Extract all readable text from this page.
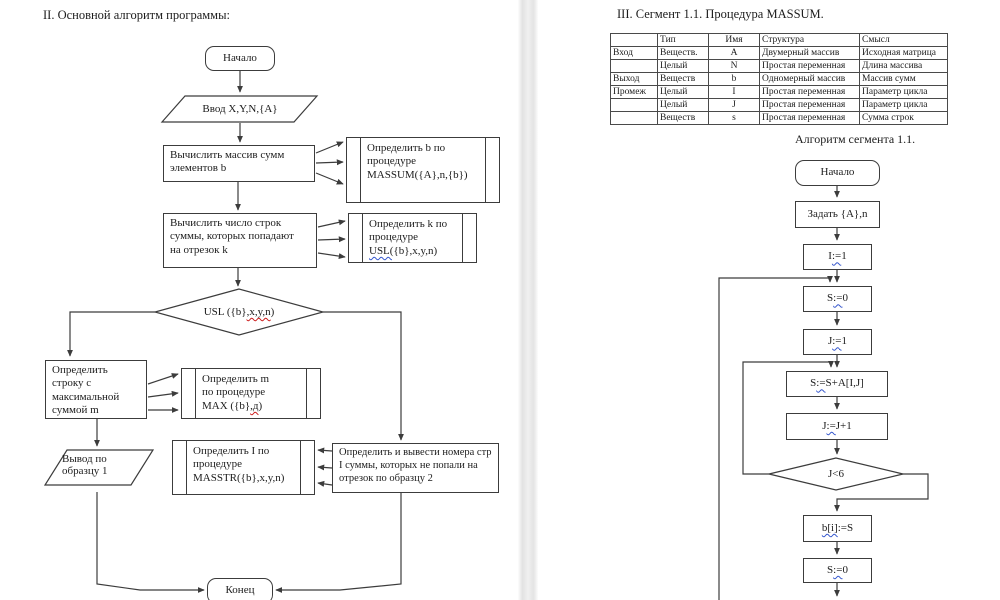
II. Основной алгоритм программы:
Начало
Ввод X,Y,N,{A}
Вычислить массив сумм
элементов b
Определить b по
процедуре
MASSUM({A},n,{b})
Вычислить число строк
суммы, которых попадают
на отрезок k
Определить k по
процедуре
USL({b},x,y,n)
USL ({b} ,x,y,n )
Определить
строку с
максимальной
суммой m
Определить m
по процедуре
MAX ({b},д)
Вывод по
образцу 1
Определить I по
процедуре
MASSTR({b},x,y,n)
Определить и вывести номера стр
I суммы, которых не попали на
отрезок по образцу 2
Конец
III. Сегмент 1.1. Процедура MASSUM.
	Тип	Имя	Структура	Смысл
Вход	Веществ.	A	Двумерный массив	Исходная матрица
	Целый	N	Простая переменная	Длина массива
Выход	Веществ	b	Одномерный массив	Массив сумм
Промеж	Целый	I	Простая переменная	Параметр цикла
	Целый	J	Простая переменная	Параметр цикла
	Веществ	s	Простая переменная	Сумма строк
Алгоритм сегмента 1.1.
Начало
Задать {A},n
I := 1
S := 0
J := 1
S := S+A[I,J]
J := J+1
J<6
b[i] :=S
S := 0
